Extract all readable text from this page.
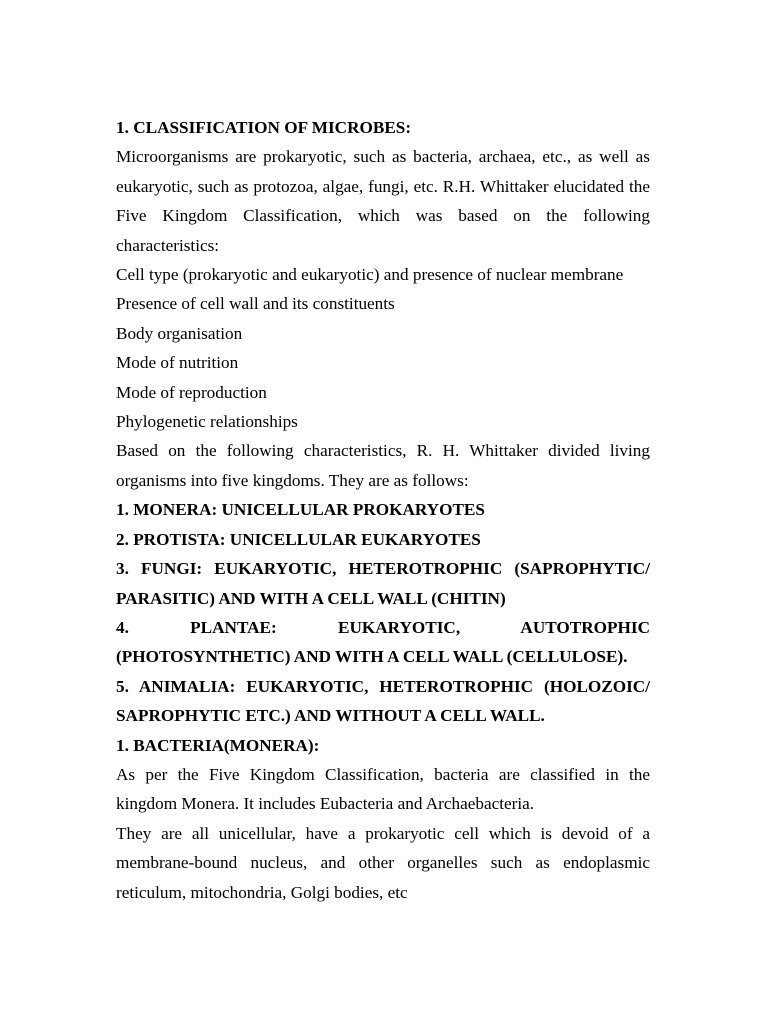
1. CLASSIFICATION OF MICROBES:

Microorganisms are prokaryotic, such as bacteria, archaea, etc., as well as eukaryotic, such as protozoa, algae, fungi, etc. R.H. Whittaker elucidated the Five Kingdom Classification, which was based on the following characteristics:

Cell type (prokaryotic and eukaryotic) and presence of nuclear membrane

Presence of cell wall and its constituents

Body organisation

Mode of nutrition

Mode of reproduction

Phylogenetic relationships

Based on the following characteristics, R. H. Whittaker divided living organisms into five kingdoms. They are as follows:

1. MONERA: UNICELLULAR PROKARYOTES

2. PROTISTA: UNICELLULAR EUKARYOTES

3. FUNGI: EUKARYOTIC, HETEROTROPHIC (SAPROPHYTIC/ PARASITIC) AND WITH A CELL WALL (CHITIN)

4. PLANTAE: EUKARYOTIC, AUTOTROPHIC (PHOTOSYNTHETIC) AND WITH A CELL WALL (CELLULOSE).

5. ANIMALIA: EUKARYOTIC, HETEROTROPHIC (HOLOZOIC/ SAPROPHYTIC ETC.) AND WITHOUT A CELL WALL.

1. BACTERIA(MONERA):

As per the Five Kingdom Classification, bacteria are classified in the kingdom Monera. It includes Eubacteria and Archaebacteria.

They are all unicellular, have a prokaryotic cell which is devoid of a membrane-bound nucleus, and other organelles such as endoplasmic reticulum, mitochondria, Golgi bodies, etc
